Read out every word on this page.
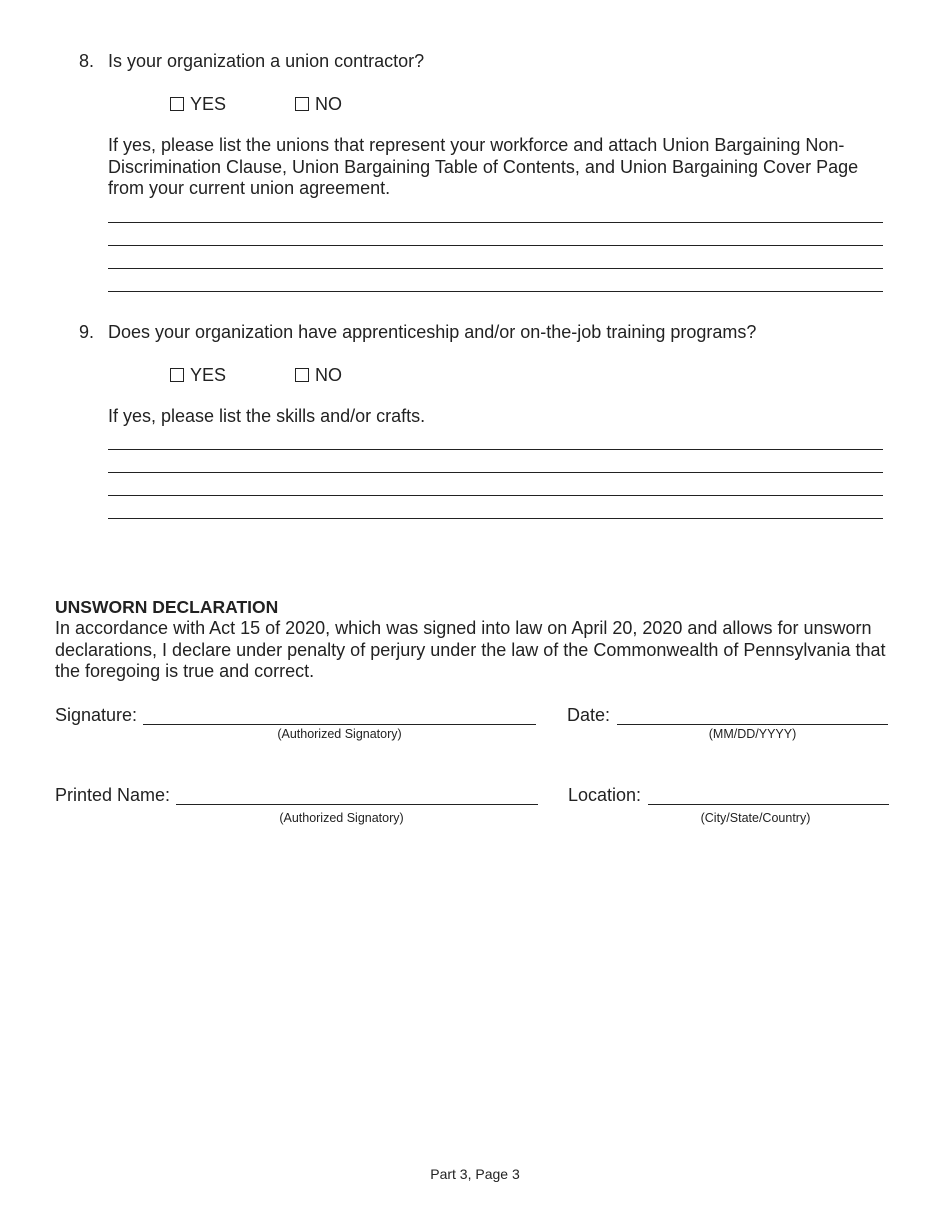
8. Is your organization a union contractor?
YES	NO
If yes, please list the unions that represent your workforce and attach Union Bargaining Non-Discrimination Clause, Union Bargaining Table of Contents, and Union Bargaining Cover Page from your current union agreement.
9. Does your organization have apprenticeship and/or on-the-job training programs?
YES	NO
If yes, please list the skills and/or crafts.
UNSWORN DECLARATION
In accordance with Act 15 of 2020, which was signed into law on April 20, 2020 and allows for unsworn declarations, I declare under penalty of perjury under the law of the Commonwealth of Pennsylvania that the foregoing is true and correct.
Signature:
(Authorized Signatory)
Date:
(MM/DD/YYYY)
Printed Name:
(Authorized Signatory)
Location:
(City/State/Country)
Part 3, Page 3
